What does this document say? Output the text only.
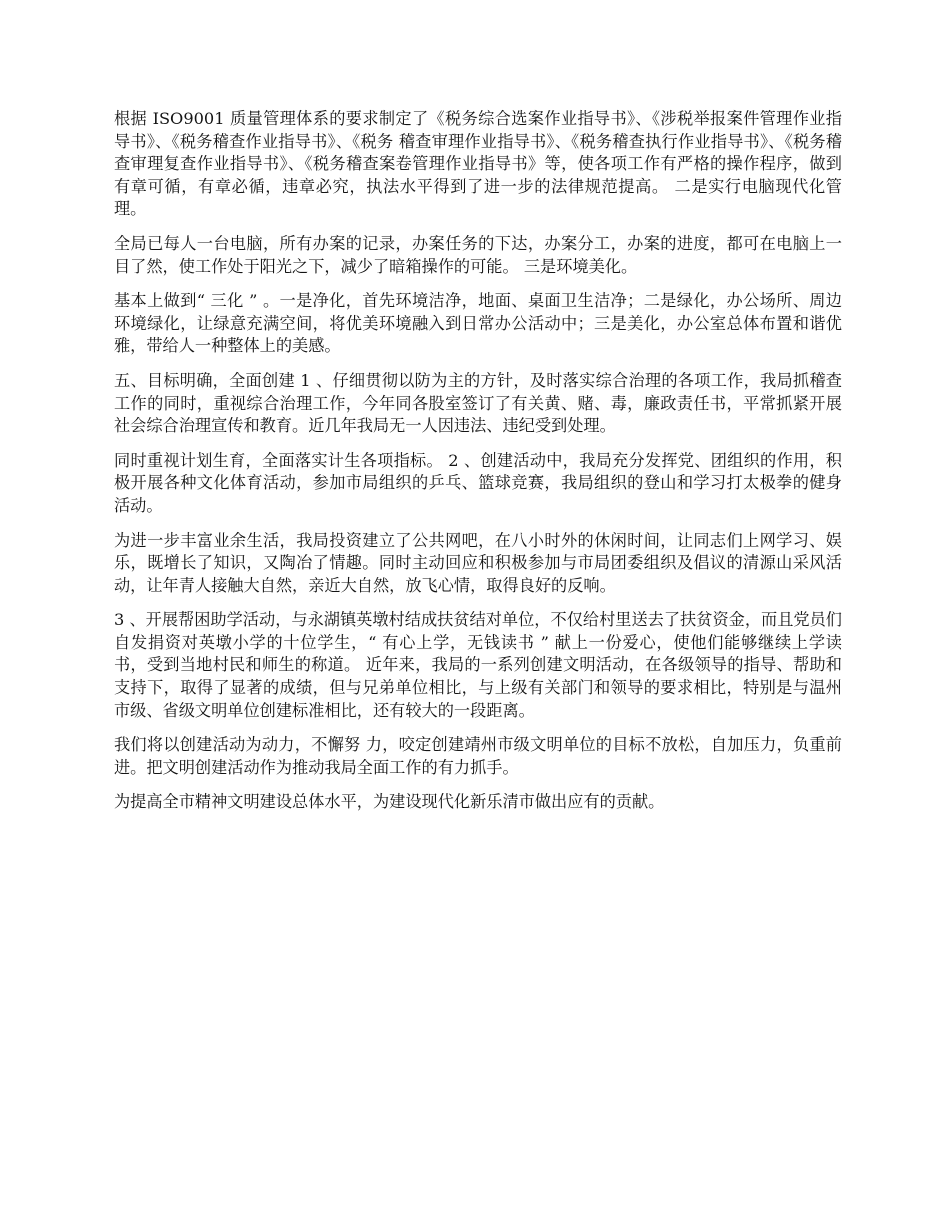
根据 ISO9001 质量管理体系的要求制定了《税务综合选案作业指导书》、《涉税举报案件管理作业指导书》、《税务稽查作业指导书》、《税务 稽查审理作业指导书》、《税务稽查执行作业指导书》、《税务稽查审理复查作业指导书》、《税务稽查案卷管理作业指导书》等，使各项工作有严格的操作程序，做到有章可循，有章必循，违章必究，执法水平得到了进一步的法律规范提高。 二是实行电脑现代化管理。

全局已每人一台电脑，所有办案的记录，办案任务的下达，办案分工，办案的进度，都可在电脑上一目了然，使工作处于阳光之下，减少了暗箱操作的可能。 三是环境美化。

基本上做到“ 三化 ” 。一是净化，首先环境洁净，地面、桌面卫生洁净；二是绿化，办公场所、周边环境绿化，让绿意充满空间，将优美环境融入到日常办公活动中；三是美化，办公室总体布置和谐优雅，带给人一种整体上的美感。

五、目标明确，全面创建 1 、仔细贯彻以防为主的方针，及时落实综合治理的各项工作，我局抓稽查工作的同时，重视综合治理工作，今年同各股室签订了有关黄、赌、毒，廉政责任书，平常抓紧开展社会综合治理宣传和教育。近几年我局无一人因违法、违纪受到处理。

同时重视计划生育，全面落实计生各项指标。 2 、创建活动中，我局充分发挥党、团组织的作用，积极开展各种文化体育活动，参加市局组织的乒乓、篮球竞赛，我局组织的登山和学习打太极拳的健身活动。

为进一步丰富业余生活，我局投资建立了公共网吧，在八小时外的休闲时间，让同志们上网学习、娱乐，既增长了知识，又陶冶了情趣。同时主动回应和积极参加与市局团委组织及倡议的清源山采风活动，让年青人接触大自然，亲近大自然，放飞心情，取得良好的反响。

3 、开展帮困助学活动，与永湖镇英墩村结成扶贫结对单位，不仅给村里送去了扶贫资金，而且党员们自发捐资对英墩小学的十位学生，“ 有心上学，无钱读书 ” 献上一份爱心，使他们能够继续上学读书，受到当地村民和师生的称道。 近年来，我局的一系列创建文明活动，在各级领导的指导、帮助和支持下，取得了显著的成绩，但与兄弟单位相比，与上级有关部门和领导的要求相比，特别是与温州市级、省级文明单位创建标准相比，还有较大的一段距离。

我们将以创建活动为动力，不懈努 力，咬定创建靖州市级文明单位的目标不放松，自加压力，负重前进。把文明创建活动作为推动我局全面工作的有力抓手。

为提高全市精神文明建设总体水平，为建设现代化新乐清市做出应有的贡献。
